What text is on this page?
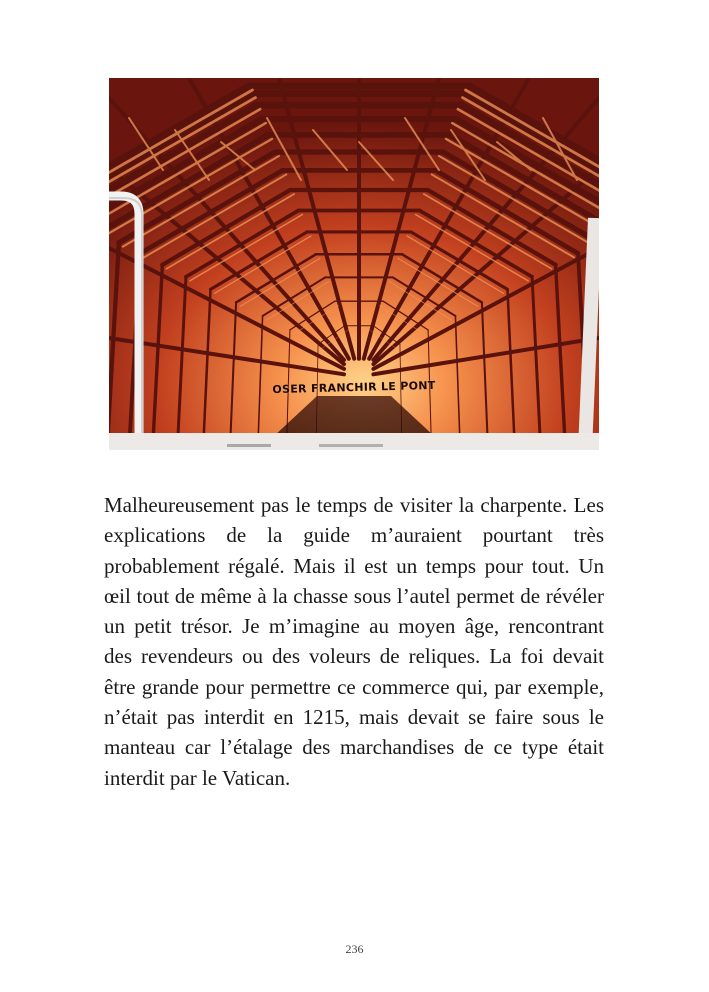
OSER FRANCHIR LE PONT

Malheureusement pas le temps de visiter la charpente. Les explications de la guide m’auraient pourtant très probablement régalé. Mais il est un temps pour tout. Un œil tout de même à la chasse sous l’autel permet de révéler un petit trésor. Je m’imagine au moyen âge, rencontrant des revendeurs ou des voleurs de reliques. La foi devait être grande pour permettre ce commerce qui, par exemple, n’était pas interdit en 1215, mais devait se faire sous le manteau car l’étalage des marchandises de ce type était interdit par le Vatican.

236
